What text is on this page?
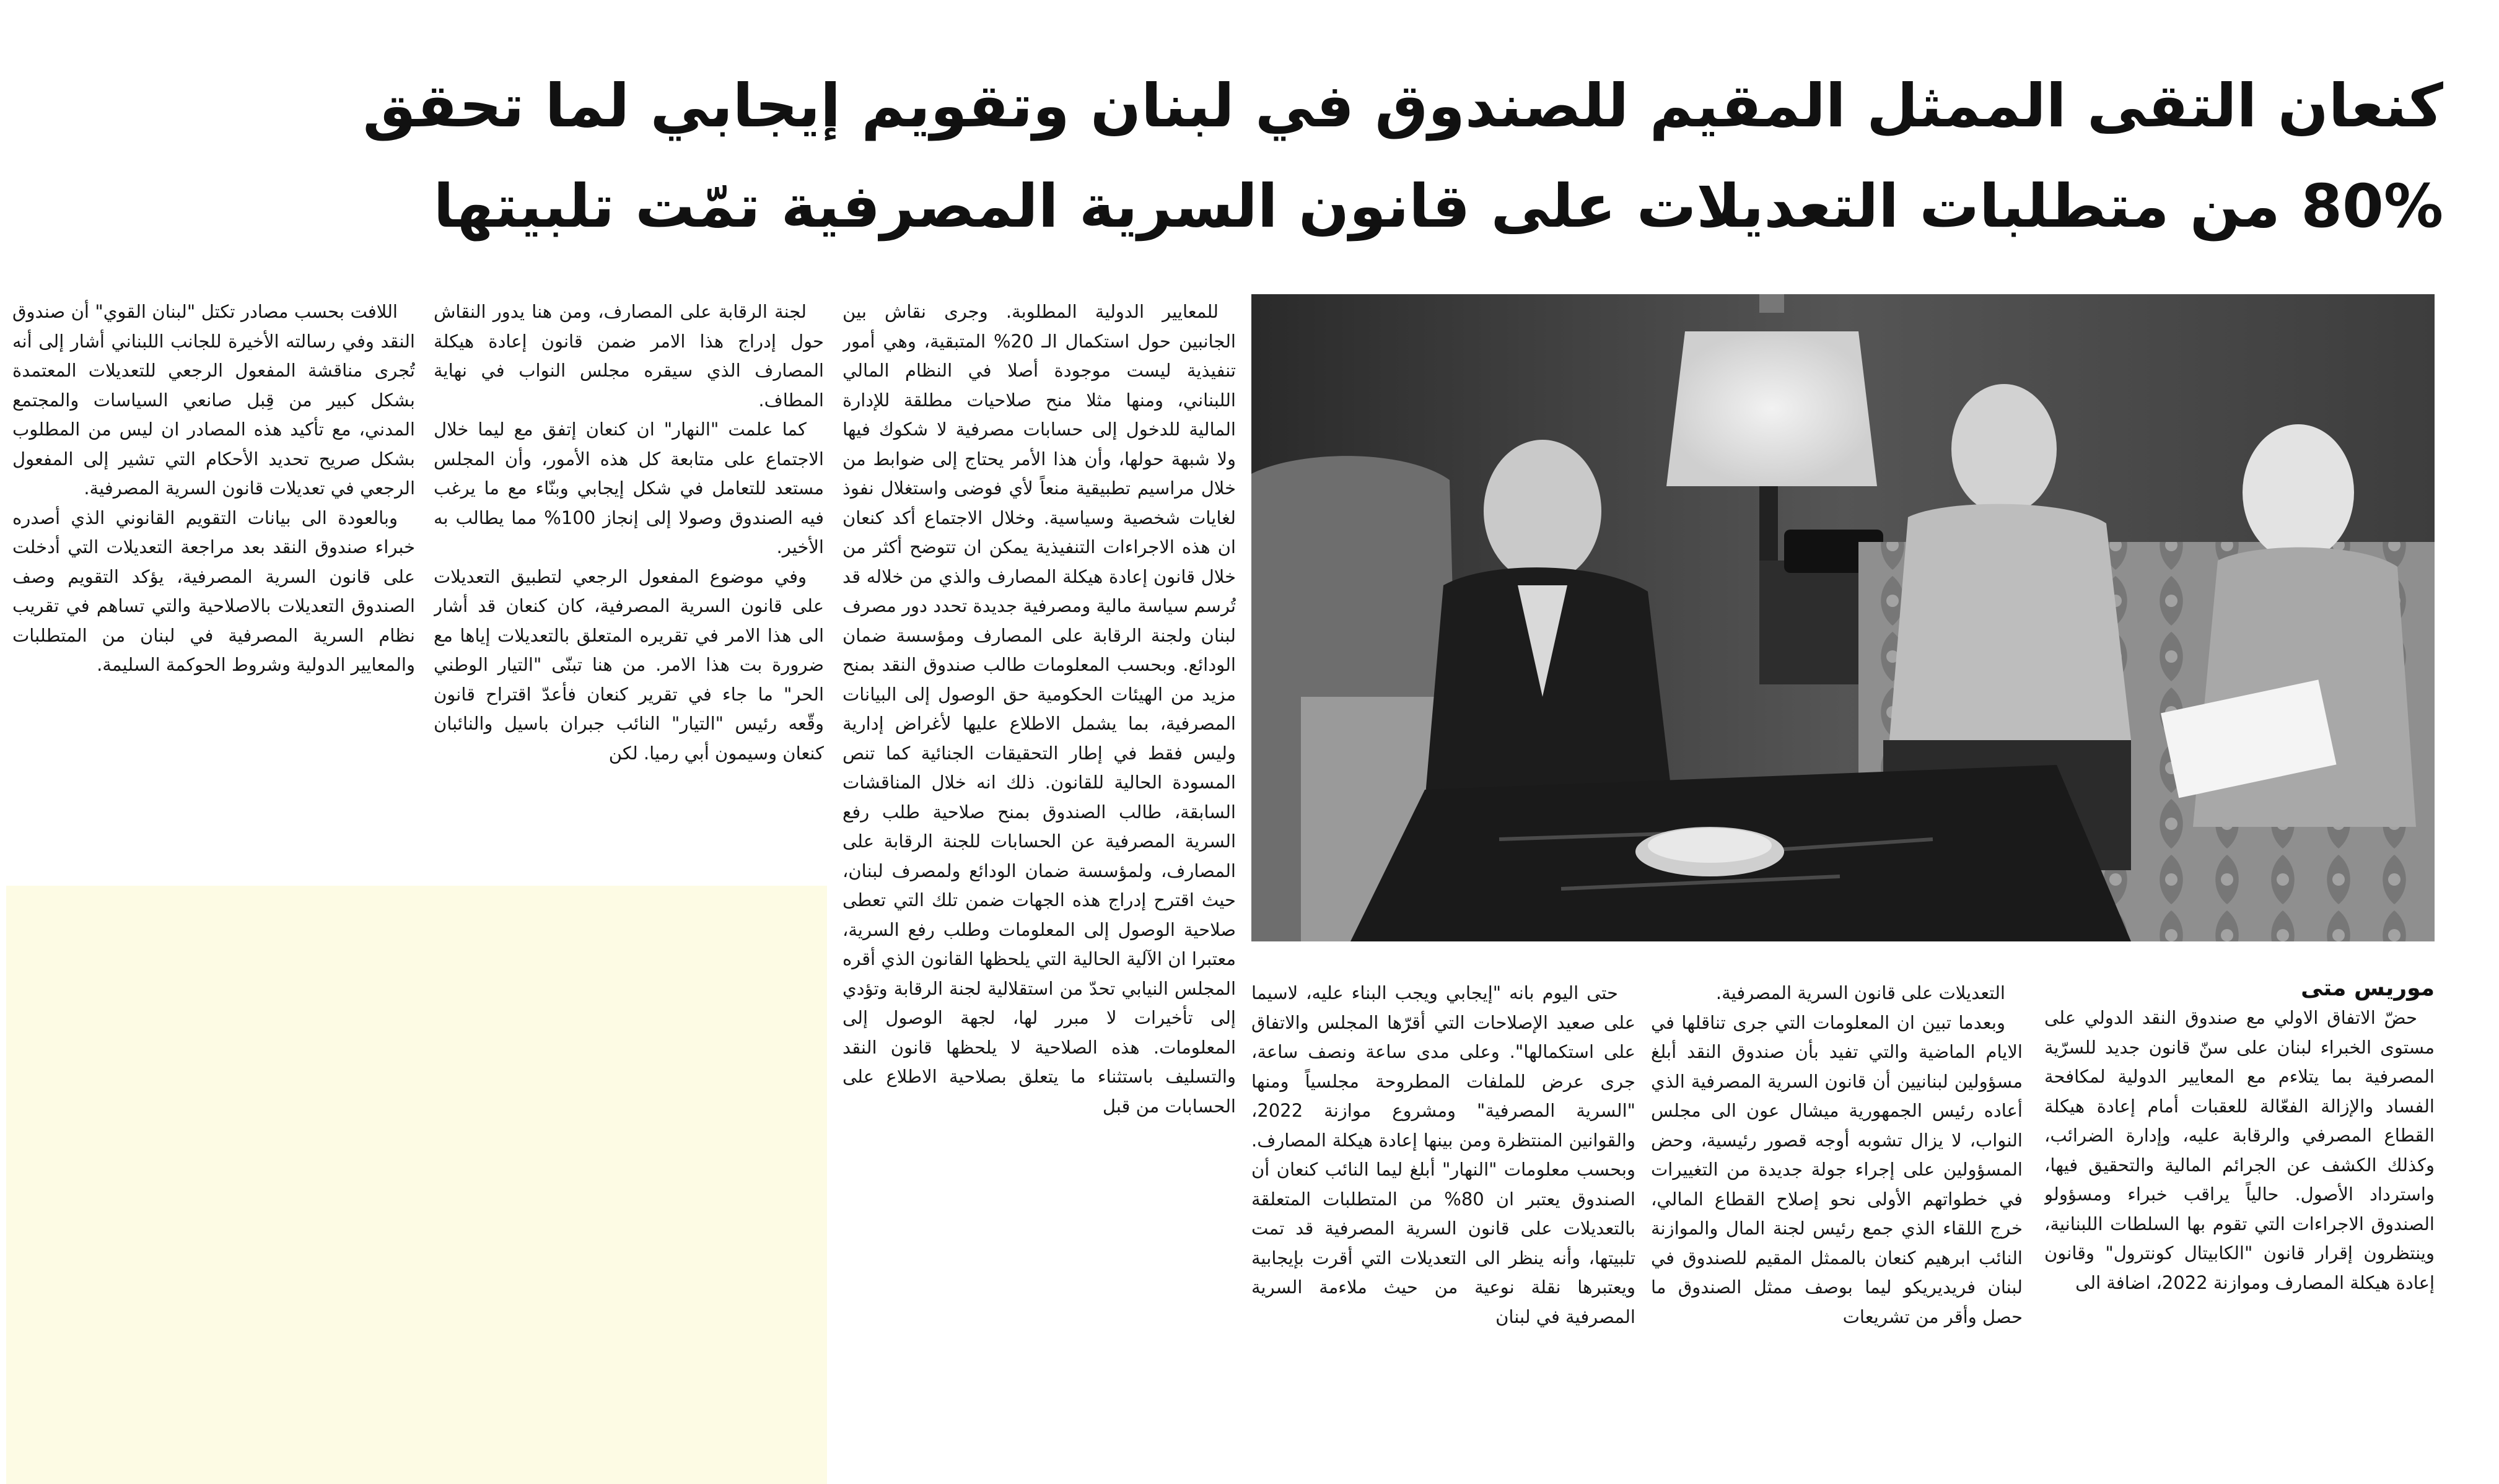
كنعان التقى الممثل المقيم للصندوق في لبنان وتقويم إيجابي لما تحقق
80% من متطلبات التعديلات على قانون السرية المصرفية تمّت تلبيتها
موريس متى

حضّ الاتفاق الاولي مع صندوق النقد الدولي على مستوى الخبراء لبنان على سنّ قانون جديد للسرّية المصرفية بما يتلاءم مع المعايير الدولية لمكافحة الفساد والإزالة الفعّالة للعقبات أمام إعادة هيكلة القطاع المصرفي والرقابة عليه، وإدارة الضرائب، وكذلك الكشف عن الجرائم المالية والتحقيق فيها، واسترداد الأصول. حالياً يراقب خبراء ومسؤولو الصندوق الاجراءات التي تقوم بها السلطات اللبنانية، وينتظرون إقرار قانون "الكابيتال كونترول" وقانون إعادة هيكلة المصارف وموازنة 2022، اضافة الى

التعديلات على قانون السرية المصرفية.

وبعدما تبين ان المعلومات التي جرى تناقلها في الايام الماضية والتي تفيد بأن صندوق النقد أبلغ مسؤولين لبنانيين أن قانون السرية المصرفية الذي أعاده رئيس الجمهورية ميشال عون الى مجلس النواب، لا يزال تشوبه أوجه قصور رئيسية، وحض المسؤولين على إجراء جولة جديدة من التغييرات في خطواتهم الأولى نحو إصلاح القطاع المالي، خرج اللقاء الذي جمع رئيس لجنة المال والموازنة النائب ابرهيم كنعان بالممثل المقيم للصندوق في لبنان فريديريكو ليما بوصف ممثل الصندوق ما حصل وأقر من تشريعات

حتى اليوم بانه "إيجابي ويجب البناء عليه، لاسيما على صعيد الإصلاحات التي أقرّها المجلس والاتفاق على استكمالها". وعلى مدى ساعة ونصف ساعة، جرى عرض للملفات المطروحة مجلسياً ومنها "السرية المصرفية" ومشروع موازنة 2022، والقوانين المنتظرة ومن بينها إعادة هيكلة المصارف. وبحسب معلومات "النهار" أبلغ ليما النائب كنعان أن الصندوق يعتبر ان 80% من المتطلبات المتعلقة بالتعديلات على قانون السرية المصرفية قد تمت تلبيتها، وأنه ينظر الى التعديلات التي أقرت بإيجابية ويعتبرها نقلة نوعية من حيث ملاءمة السرية المصرفية في لبنان

للمعايير الدولية المطلوبة. وجرى نقاش بين الجانبين حول استكمال الـ 20% المتبقية، وهي أمور تنفيذية ليست موجودة أصلا في النظام المالي اللبناني، ومنها مثلا منح صلاحيات مطلقة للإدارة المالية للدخول إلى حسابات مصرفية لا شكوك فيها ولا شبهة حولها، وأن هذا الأمر يحتاج إلى ضوابط من خلال مراسيم تطبيقية منعاً لأي فوضى واستغلال نفوذ لغايات شخصية وسياسية. وخلال الاجتماع أكد كنعان ان هذه الاجراءات التنفيذية يمكن ان تتوضح أكثر من خلال قانون إعادة هيكلة المصارف والذي من خلاله قد تُرسم سياسة مالية ومصرفية جديدة تحدد دور مصرف لبنان ولجنة الرقابة على المصارف ومؤسسة ضمان الودائع. وبحسب المعلومات طالب صندوق النقد بمنح مزيد من الهيئات الحكومية حق الوصول إلى البيانات المصرفية، بما يشمل الاطلاع عليها لأغراض إدارية وليس فقط في إطار التحقيقات الجنائية كما تنص المسودة الحالية للقانون. ذلك انه خلال المناقشات السابقة، طالب الصندوق بمنح صلاحية طلب رفع السرية المصرفية عن الحسابات للجنة الرقابة على المصارف، ولمؤسسة ضمان الودائع ولمصرف لبنان، حيث اقترح إدراج هذه الجهات ضمن تلك التي تعطى صلاحية الوصول إلى المعلومات وطلب رفع السرية، معتبرا ان الآلية الحالية التي يلحظها القانون الذي أقره المجلس النيابي تحدّ من استقلالية لجنة الرقابة وتؤدي إلى تأخيرات لا مبرر لها، لجهة الوصول إلى المعلومات. هذه الصلاحية لا يلحظها قانون النقد والتسليف باستثناء ما يتعلق بصلاحية الاطلاع على الحسابات من قبل

لجنة الرقابة على المصارف، ومن هنا يدور النقاش حول إدراج هذا الامر ضمن قانون إعادة هيكلة المصارف الذي سيقره مجلس النواب في نهاية المطاف.

كما علمت "النهار" ان كنعان إتفق مع ليما خلال الاجتماع على متابعة كل هذه الأمور، وأن المجلس مستعد للتعامل في شكل إيجابي وبنّاء مع ما يرغب فيه الصندوق وصولا إلى إنجاز 100% مما يطالب به الأخير.

وفي موضوع المفعول الرجعي لتطبيق التعديلات على قانون السرية المصرفية، كان كنعان قد أشار الى هذا الامر في تقريره المتعلق بالتعديلات إياها مع ضرورة بت هذا الامر. من هنا تبنّى "التيار الوطني الحر" ما جاء في تقرير كنعان فأعدّ اقتراح قانون وقّعه رئيس "التيار" النائب جبران باسيل والنائبان كنعان وسيمون أبي رميا. لكن

اللافت بحسب مصادر تكتل "لبنان القوي" أن صندوق النقد وفي رسالته الأخيرة للجانب اللبناني أشار إلى أنه تُجرى مناقشة المفعول الرجعي للتعديلات المعتمدة بشكل كبير من قِبل صانعي السياسات والمجتمع المدني، مع تأكيد هذه المصادر ان ليس من المطلوب بشكل صريح تحديد الأحكام التي تشير إلى المفعول الرجعي في تعديلات قانون السرية المصرفية.

وبالعودة الى بيانات التقويم القانوني الذي أصدره خبراء صندوق النقد بعد مراجعة التعديلات التي أدخلت على قانون السرية المصرفية، يؤكد التقويم وصف الصندوق التعديلات بالاصلاحية والتي تساهم في تقريب نظام السرية المصرفية في لبنان من المتطلبات والمعايير الدولية وشروط الحوكمة السليمة.
